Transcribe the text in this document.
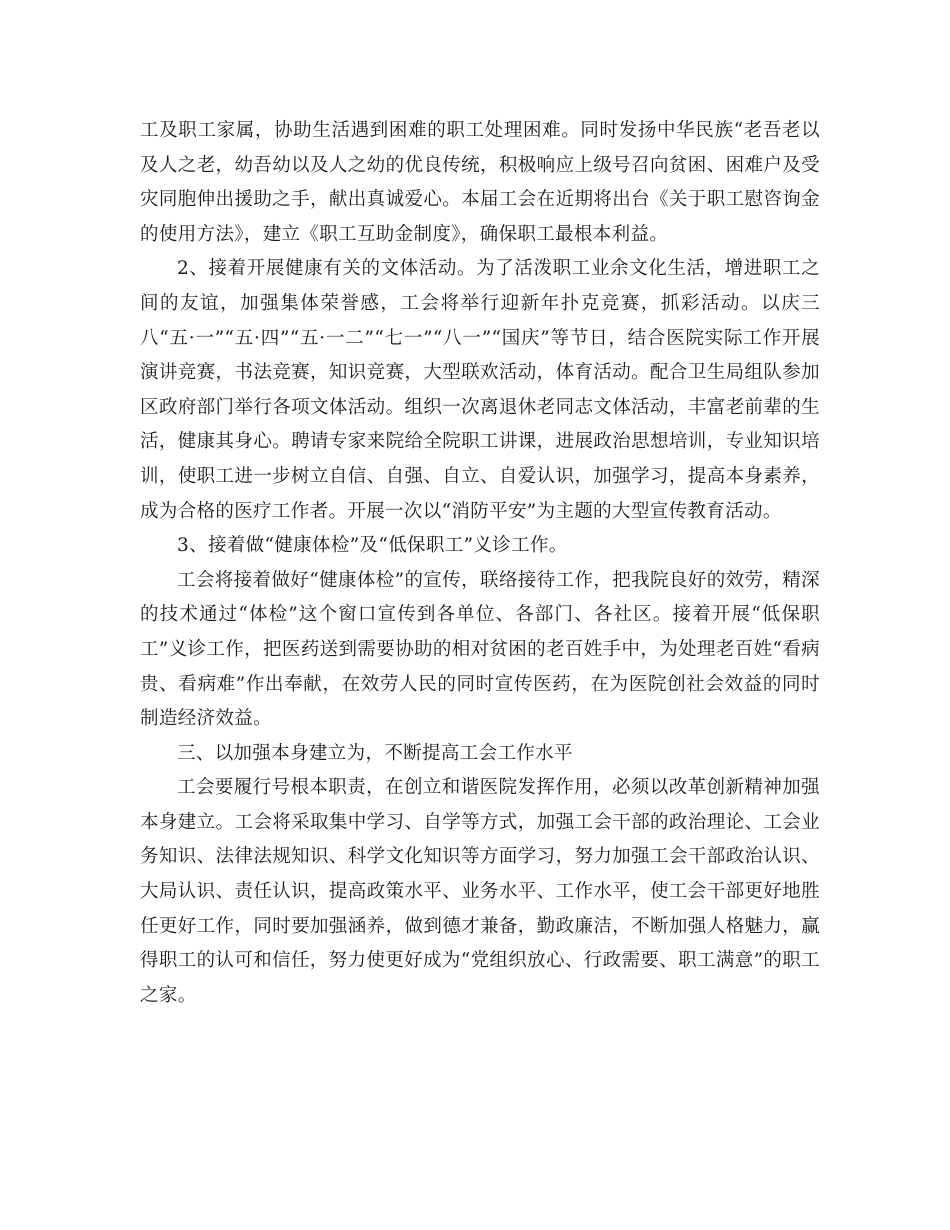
工及职工家属，协助生活遇到困难的职工处理困难。同时发扬中华民族“老吾老以及人之老，幼吾幼以及人之幼的优良传统，积极响应上级号召向贫困、困难户及受灾同胞伸出援助之手，献出真诚爱心。本届工会在近期将出台《关于职工慰咨询金的使用方法》，建立《职工互助金制度》，确保职工最根本利益。

2、接着开展健康有关的文体活动。为了活泼职工业余文化生活，增进职工之间的友谊，加强集体荣誉感，工会将举行迎新年扑克竞赛，抓彩活动。以庆三八“五·一”“五·四”“五·一二”“七一”“八一”“国庆”等节日，结合医院实际工作开展演讲竞赛，书法竞赛，知识竞赛，大型联欢活动，体育活动。配合卫生局组队参加区政府部门举行各项文体活动。组织一次离退休老同志文体活动，丰富老前辈的生活，健康其身心。聘请专家来院给全院职工讲课，进展政治思想培训，专业知识培训，使职工进一步树立自信、自强、自立、自爱认识，加强学习，提高本身素养，成为合格的医疗工作者。开展一次以“消防平安”为主题的大型宣传教育活动。

3、接着做“健康体检”及“低保职工”义诊工作。

工会将接着做好“健康体检”的宣传，联络接待工作，把我院良好的效劳，精深的技术通过“体检”这个窗口宣传到各单位、各部门、各社区。接着开展“低保职工”义诊工作，把医药送到需要协助的相对贫困的老百姓手中，为处理老百姓“看病贵、看病难”作出奉献，在效劳人民的同时宣传医药，在为医院创社会效益的同时制造经济效益。

三、以加强本身建立为，不断提高工会工作水平

工会要履行号根本职责，在创立和谐医院发挥作用，必须以改革创新精神加强本身建立。工会将采取集中学习、自学等方式，加强工会干部的政治理论、工会业务知识、法律法规知识、科学文化知识等方面学习，努力加强工会干部政治认识、大局认识、责任认识，提高政策水平、业务水平、工作水平，使工会干部更好地胜任更好工作，同时要加强涵养，做到德才兼备，勤政廉洁，不断加强人格魅力，赢得职工的认可和信任，努力使更好成为“党组织放心、行政需要、职工满意”的职工之家。
